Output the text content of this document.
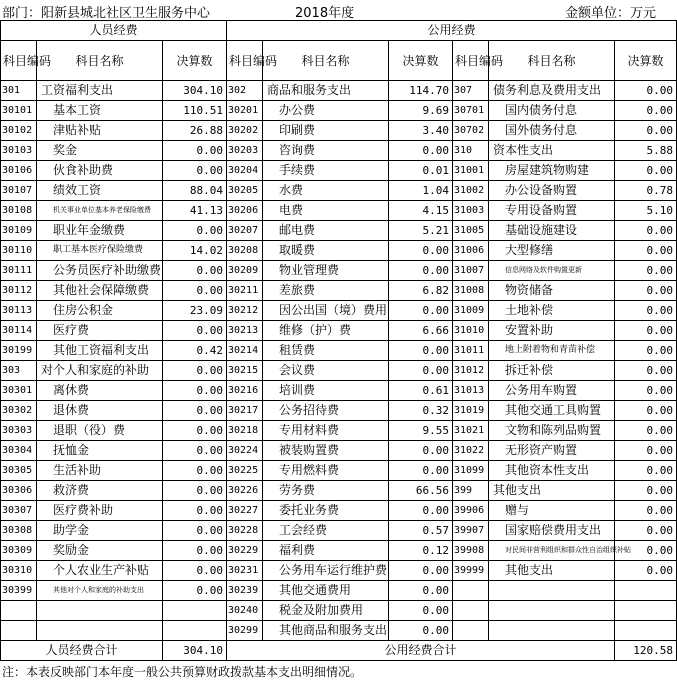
部门：阳新县城北社区卫生服务中心	2018年度	金额单位：万元
人员经费			公用经费					
科目编码	科目名称	决算数	科目编码	科目名称	决算数	科目编码	科目名称	决算数
301	工资福利支出	304.10	302	商品和服务支出	114.70	307	债务利息及费用支出	0.00
30101	基本工资	110.51	30201	办公费	9.69	30701	国内债务付息	0.00
30102	津贴补贴	26.88	30202	印刷费	3.40	30702	国外债务付息	0.00
30103	奖金	0.00	30203	咨询费	0.00	310	资本性支出	5.88
30106	伙食补助费	0.00	30204	手续费	0.01	31001	房屋建筑物购建	0.00
30107	绩效工资	88.04	30205	水费	1.04	31002	办公设备购置	0.78
30108	机关事业单位基本养老保险缴费	41.13	30206	电费	4.15	31003	专用设备购置	5.10
30109	职业年金缴费	0.00	30207	邮电费	5.21	31005	基础设施建设	0.00
30110	职工基本医疗保险缴费	14.02	30208	取暖费	0.00	31006	大型修缮	0.00
30111	公务员医疗补助缴费	0.00	30209	物业管理费	0.00	31007	信息网络及软件购置更新	0.00
30112	其他社会保障缴费	0.00	30211	差旅费	6.82	31008	物资储备	0.00
30113	住房公积金	23.09	30212	因公出国（境）费用	0.00	31009	土地补偿	0.00
30114	医疗费	0.00	30213	维修（护）费	6.66	31010	安置补助	0.00
30199	其他工资福利支出	0.42	30214	租赁费	0.00	31011	地上附着物和青苗补偿	0.00
303	对个人和家庭的补助	0.00	30215	会议费	0.00	31012	拆迁补偿	0.00
30301	离休费	0.00	30216	培训费	0.61	31013	公务用车购置	0.00
30302	退休费	0.00	30217	公务招待费	0.32	31019	其他交通工具购置	0.00
30303	退职（役）费	0.00	30218	专用材料费	9.55	31021	文物和陈列品购置	0.00
30304	抚恤金	0.00	30224	被装购置费	0.00	31022	无形资产购置	0.00
30305	生活补助	0.00	30225	专用燃料费	0.00	31099	其他资本性支出	0.00
30306	救济费	0.00	30226	劳务费	66.56	399	其他支出	0.00
30307	医疗费补助	0.00	30227	委托业务费	0.00	39906	赠与	0.00
30308	助学金	0.00	30228	工会经费	0.57	39907	国家赔偿费用支出	0.00
30309	奖励金	0.00	30229	福利费	0.12	39908	对民间非营利组织和群众性自治组织补贴	0.00
30310	个人农业生产补贴	0.00	30231	公务用车运行维护费	0.00	39999	其他支出	0.00
30399	其他对个人和家庭的补助支出	0.00	30239	其他交通费用	0.00			
			30240	税金及附加费用	0.00			
			30299	其他商品和服务支出	0.00			
人员经费合计		304.10	公用经费合计					120.58
注：本表反映部门本年度一般公共预算财政拨款基本支出明细情况。
